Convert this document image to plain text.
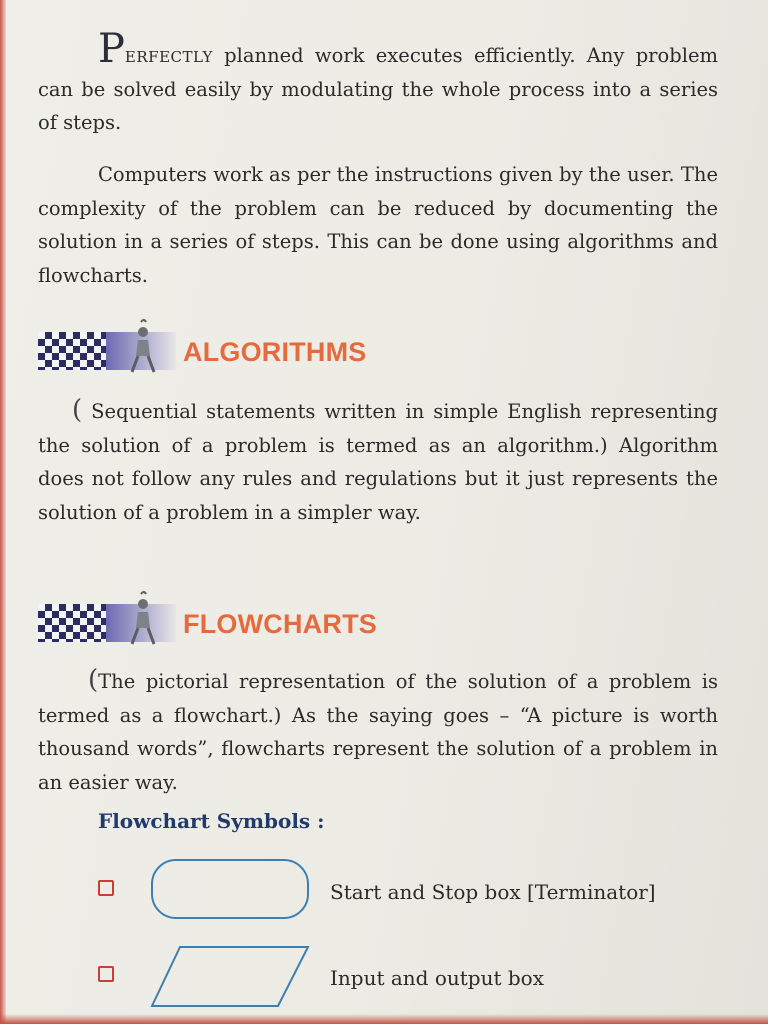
Perfectly planned work executes efficiently. Any problem can be solved easily by modulating the whole process into a series of steps.

Computers work as per the instructions given by the user. The complexity of the problem can be reduced by documenting the solution in a series of steps. This can be done using algorithms and flowcharts.

ALGORITHMS

( Sequential statements written in simple English representing the solution of a problem is termed as an algorithm.) Algorithm does not follow any rules and regulations but it just represents the solution of a problem in a simpler way.

FLOWCHARTS

(The pictorial representation of the solution of a problem is termed as a flowchart.) As the saying goes – “A picture is worth thousand words”, flowcharts represent the solution of a problem in an easier way.

Flowchart Symbols :

Start and Stop box [Terminator]
Input and output box
